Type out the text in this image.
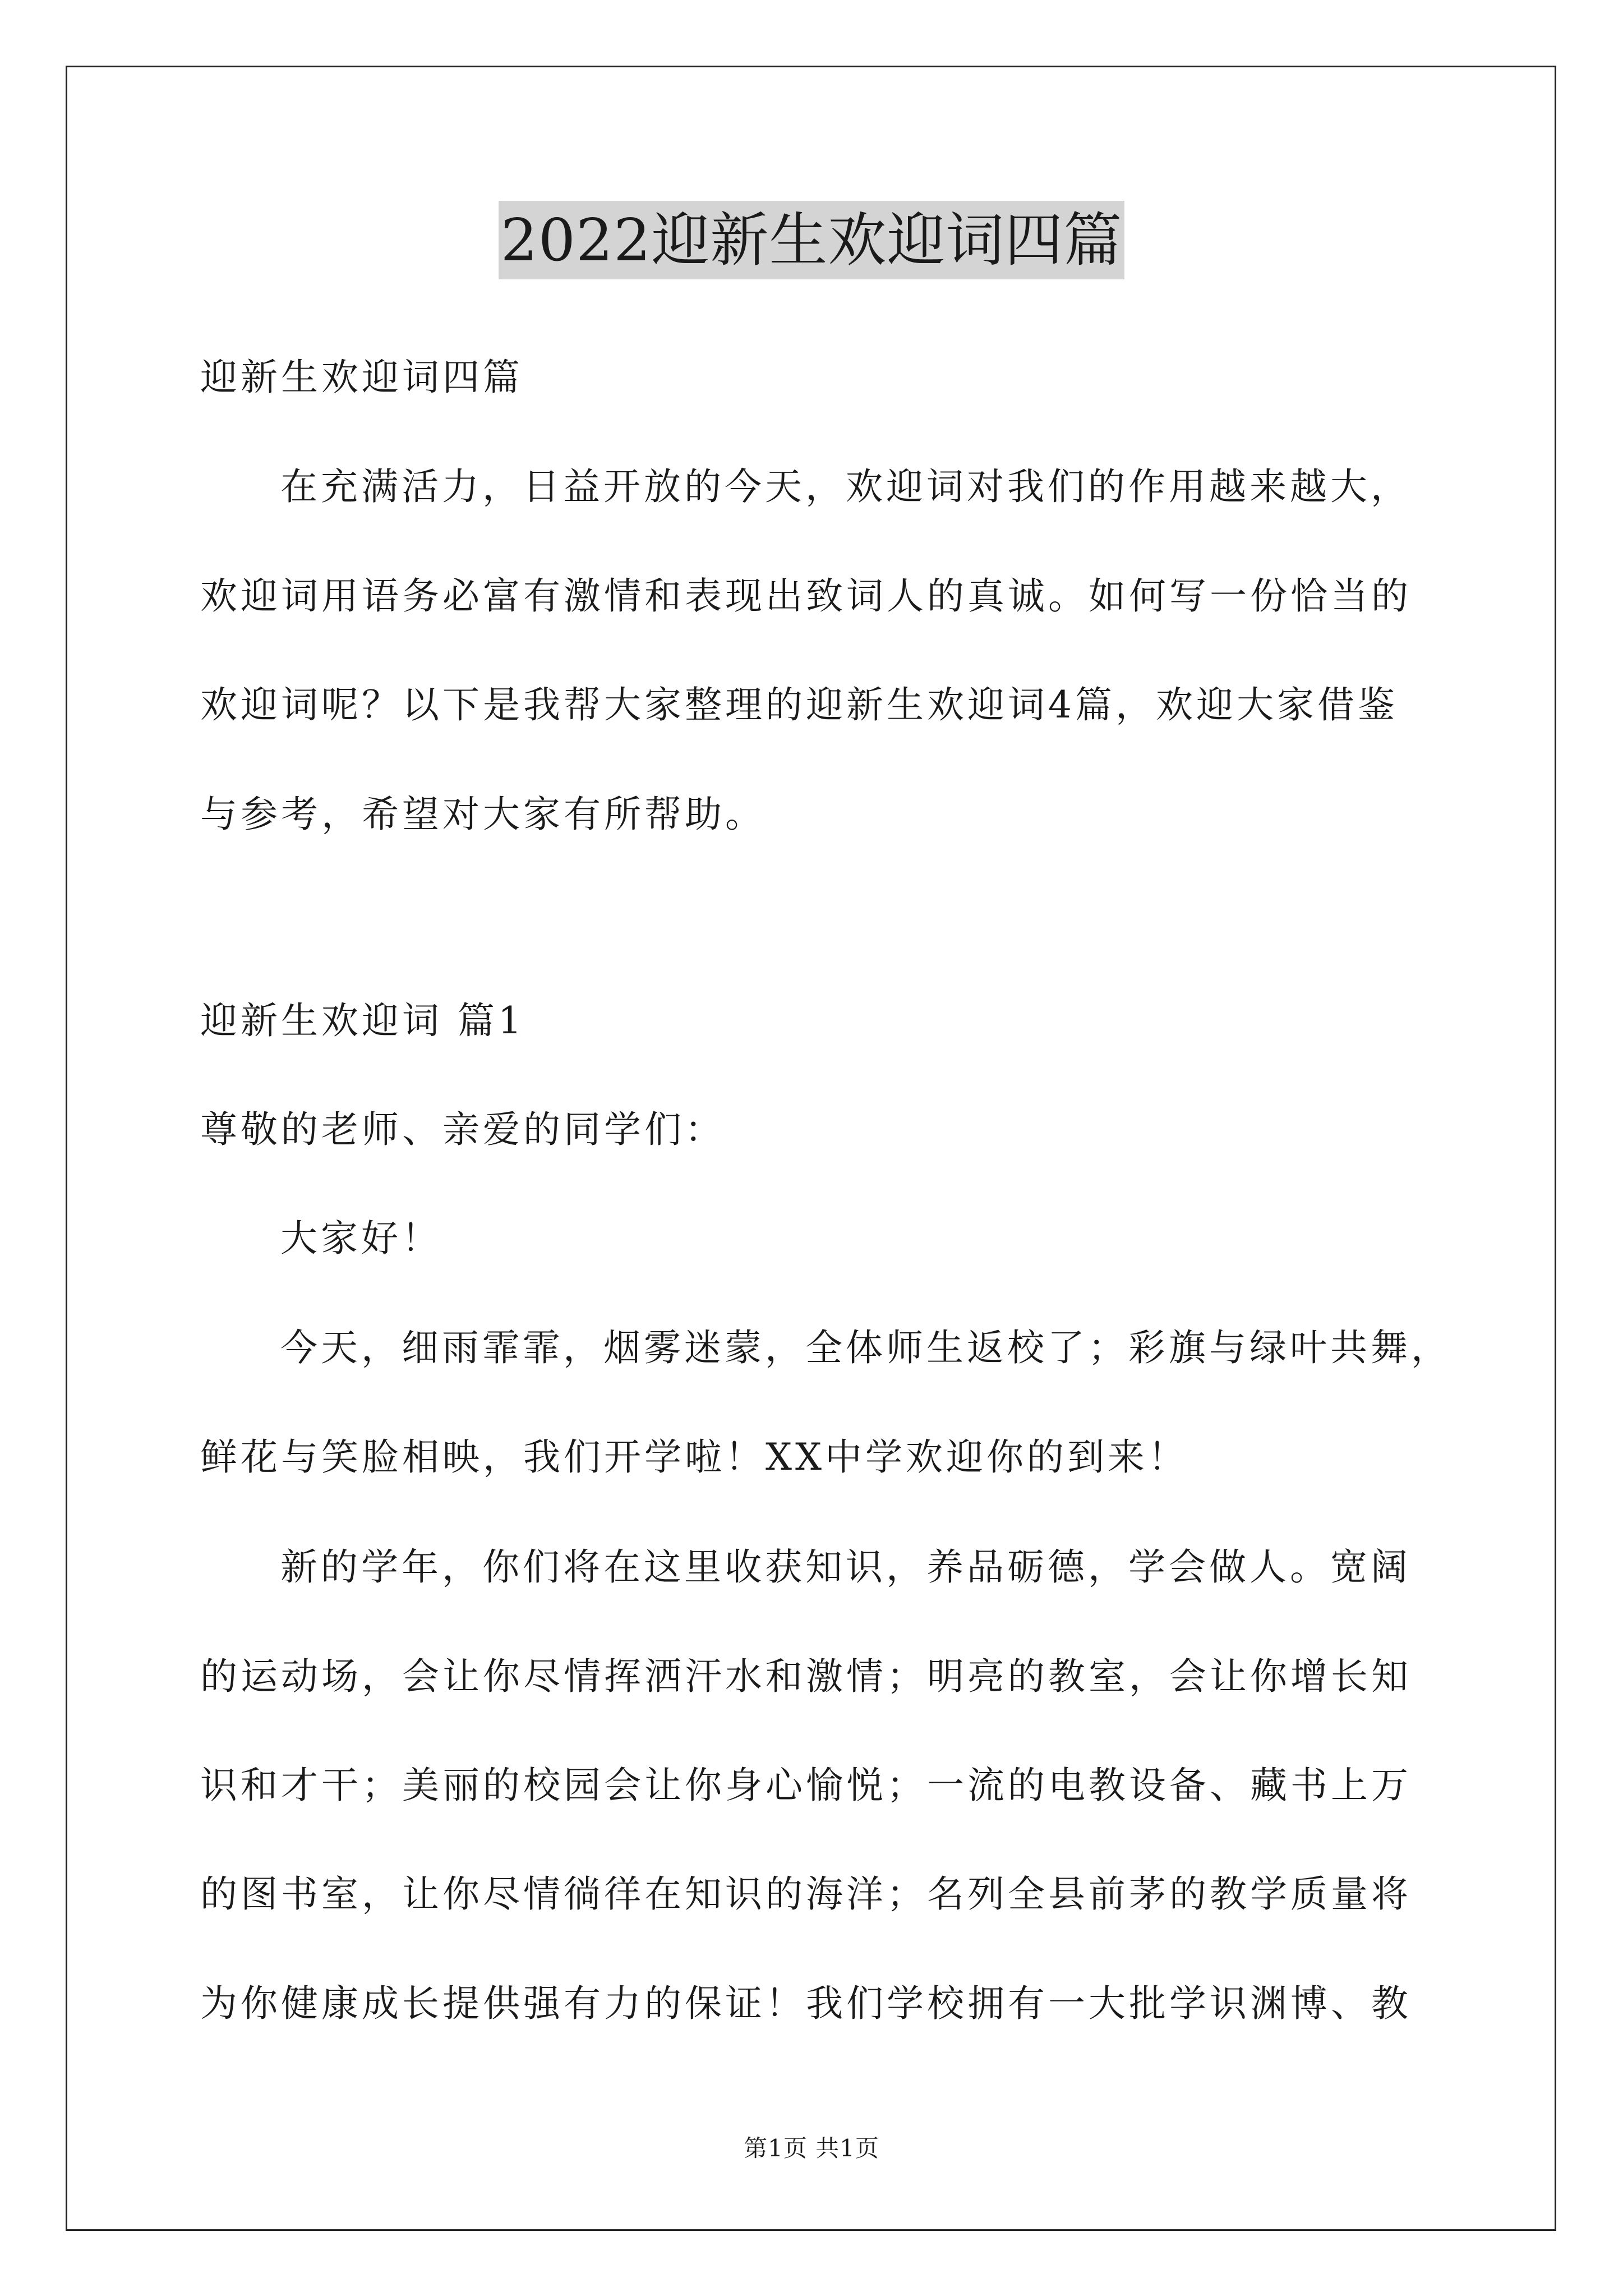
2022迎新生欢迎词四篇
迎新生欢迎词四篇
在充满活力，日益开放的今天，欢迎词对我们的作用越来越大，
欢迎词用语务必富有激情和表现出致词人的真诚。如何写一份恰当的
欢迎词呢？以下是我帮大家整理的迎新生欢迎词4篇，欢迎大家借鉴
与参考，希望对大家有所帮助。
迎新生欢迎词 篇1
尊敬的老师、亲爱的同学们：
大家好！
今天，细雨霏霏，烟雾迷蒙，全体师生返校了；彩旗与绿叶共舞，
鲜花与笑脸相映，我们开学啦！XX中学欢迎你的到来！
新的学年，你们将在这里收获知识，养品砺德，学会做人。宽阔
的运动场，会让你尽情挥洒汗水和激情；明亮的教室，会让你增长知
识和才干；美丽的校园会让你身心愉悦；一流的电教设备、藏书上万
的图书室，让你尽情徜徉在知识的海洋；名列全县前茅的教学质量将
为你健康成长提供强有力的保证！我们学校拥有一大批学识渊博、教
第1页 共1页
